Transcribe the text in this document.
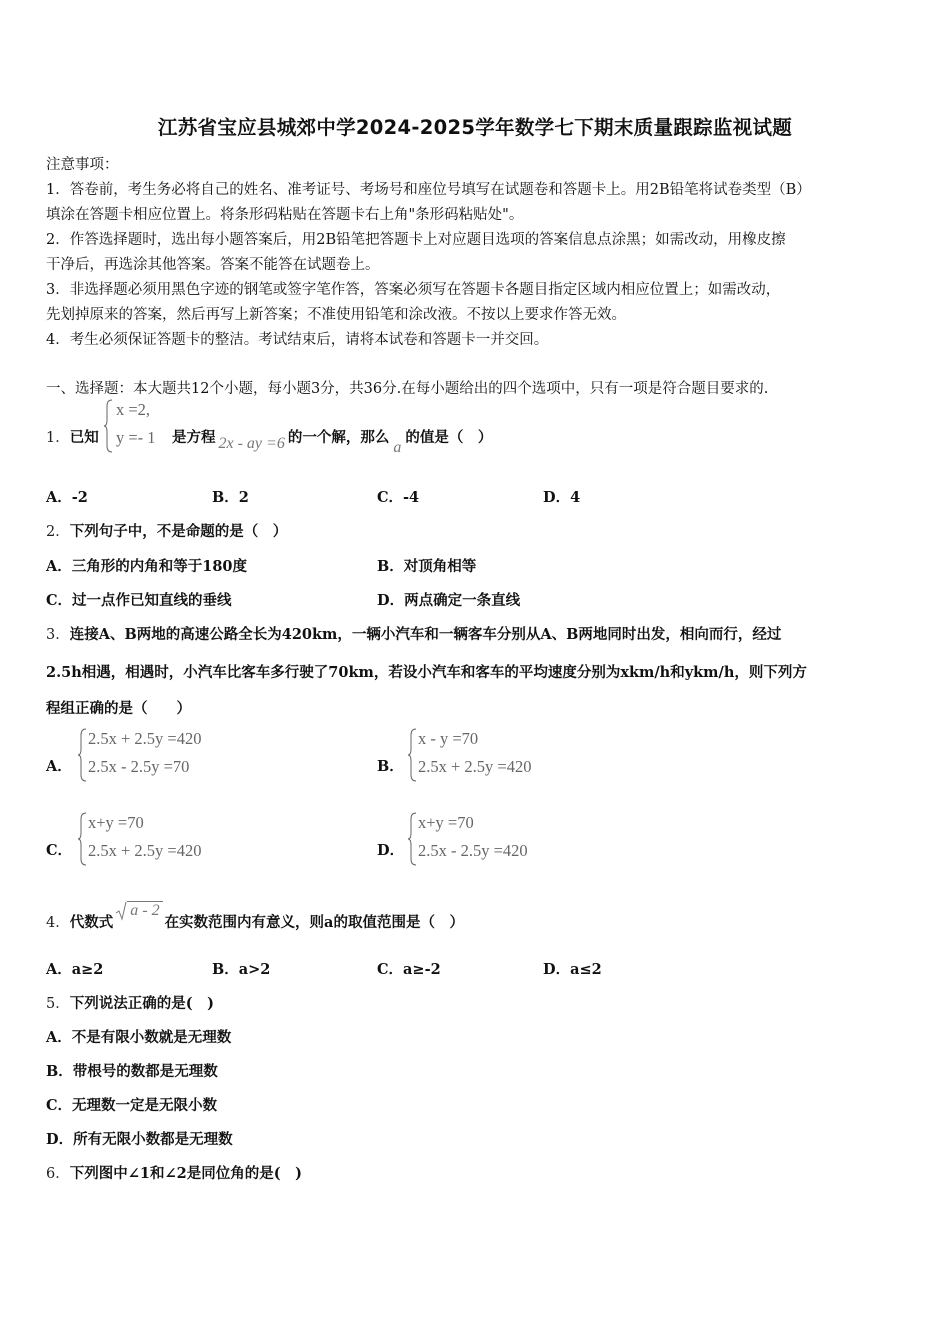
江苏省宝应县城郊中学2024-2025学年数学七下期末质量跟踪监视试题
注意事项：
1．答卷前，考生务必将自己的姓名、准考证号、考场号和座位号填写在试题卷和答题卡上。用2B铅笔将试卷类型（B）
填涂在答题卡相应位置上。将条形码粘贴在答题卡右上角"条形码粘贴处"。
2．作答选择题时，选出每小题答案后，用2B铅笔把答题卡上对应题目选项的答案信息点涂黑；如需改动，用橡皮擦
干净后，再选涂其他答案。答案不能答在试题卷上。
3．非选择题必须用黑色字迹的钢笔或签字笔作答，答案必须写在答题卡各题目指定区域内相应位置上；如需改动，
先划掉原来的答案，然后再写上新答案；不准使用铅笔和涂改液。不按以上要求作答无效。
4．考生必须保证答题卡的整洁。考试结束后，请将本试卷和答题卡一并交回。
一、选择题：本大题共12个小题，每小题3分，共36分.在每小题给出的四个选项中，只有一项是符合题目要求的.
1．已知
x =2,
y =- 1 是方程 2x - ay =6 的一个解，那么a的值是（　）
A．-2	B．2	C．-4	D．4
2．下列句子中，不是命题的是（　）
A．三角形的内角和等于180度	B．对顶角相等
C．过一点作已知直线的垂线	D．两点确定一条直线
3．连接A、B两地的高速公路全长为420km，一辆小汽车和一辆客车分别从A、B两地同时出发，相向而行，经过
2.5h相遇，相遇时，小汽车比客车多行驶了70km，若设小汽车和客车的平均速度分别为xkm/h和ykm/h，则下列方
程组正确的是（　　）
A．
2.5x + 2.5y =420
2.5x - 2.5y =70	B．
x - y =70
2.5x + 2.5y =420
C．
x+y =70
2.5x + 2.5y =420	D．
x+y =70
2.5x - 2.5y =420
4．代数式a - 2在实数范围内有意义，则a的取值范围是（　）
A．a≥2	B．a>2	C．a≥-2	D．a≤2
5．下列说法正确的是(　)
A．不是有限小数就是无理数
B．带根号的数都是无理数
C．无理数一定是无限小数
D．所有无限小数都是无理数
6．下列图中∠1和∠2是同位角的是(　)
